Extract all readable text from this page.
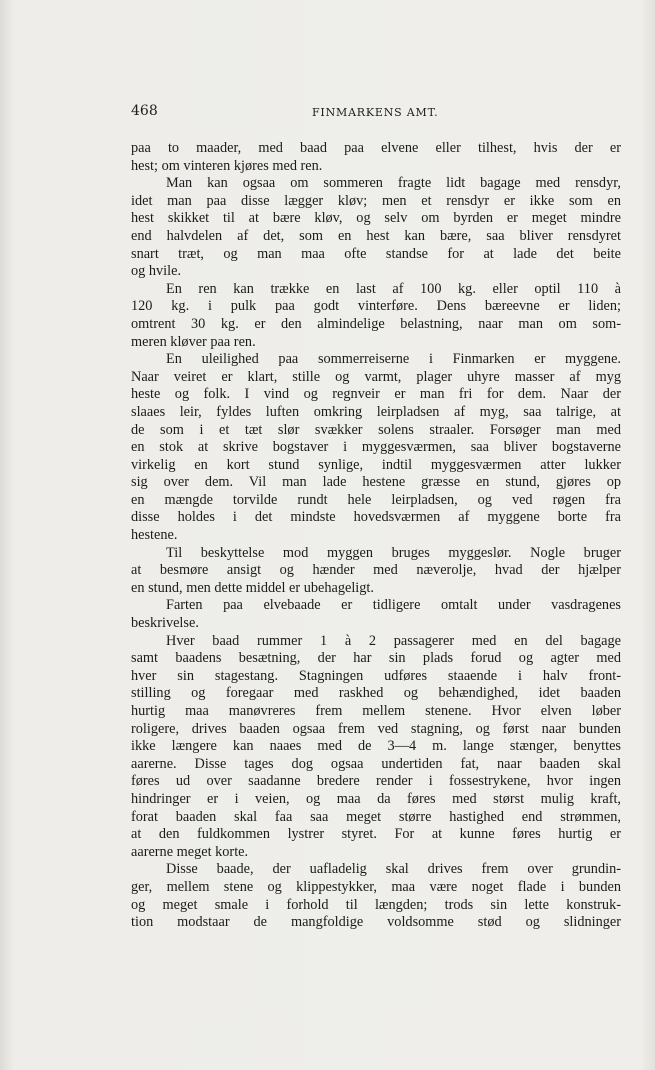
468	FINMARKENS AMT.
paa to maader, med baad paa elvene eller tilhest, hvis der er
hest; om vinteren kjøres med ren.
Man kan ogsaa om sommeren fragte lidt bagage med rensdyr,
idet man paa disse lægger kløv; men et rensdyr er ikke som en
hest skikket til at bære kløv, og selv om byrden er meget mindre
end halvdelen af det, som en hest kan bære, saa bliver rensdyret
snart træt, og man maa ofte standse for at lade det beite
og hvile.
En ren kan trække en last af 100 kg. eller optil 110 à
120 kg. i pulk paa godt vinterføre. Dens bæreevne er liden;
omtrent 30 kg. er den almindelige belastning, naar man om som-
meren kløver paa ren.
En uleilighed paa sommerreiserne i Finmarken er myggene.
Naar veiret er klart, stille og varmt, plager uhyre masser af myg
heste og folk. I vind og regnveir er man fri for dem. Naar der
slaaes leir, fyldes luften omkring leirpladsen af myg, saa talrige, at
de som i et tæt slør svækker solens straaler. Forsøger man med
en stok at skrive bogstaver i myggesværmen, saa bliver bogstaverne
virkelig en kort stund synlige, indtil myggesværmen atter lukker
sig over dem. Vil man lade hestene græsse en stund, gjøres op
en mængde torvilde rundt hele leirpladsen, og ved røgen fra
disse holdes i det mindste hovedsværmen af myggene borte fra
hestene.
Til beskyttelse mod myggen bruges myggeslør. Nogle bruger
at besmøre ansigt og hænder med næverolje, hvad der hjælper
en stund, men dette middel er ubehageligt.
Farten paa elvebaade er tidligere omtalt under vasdragenes
beskrivelse.
Hver baad rummer 1 à 2 passagerer med en del bagage
samt baadens besætning, der har sin plads forud og agter med
hver sin stagestang. Stagningen udføres staaende i halv front-
stilling og foregaar med raskhed og behændighed, idet baaden
hurtig maa manøvreres frem mellem stenene. Hvor elven løber
roligere, drives baaden ogsaa frem ved stagning, og først naar bunden
ikke længere kan naaes med de 3—4 m. lange stænger, benyttes
aarerne. Disse tages dog ogsaa undertiden fat, naar baaden skal
føres ud over saadanne bredere render i fossestrykene, hvor ingen
hindringer er i veien, og maa da føres med størst mulig kraft,
forat baaden skal faa saa meget større hastighed end strømmen,
at den fuldkommen lystrer styret. For at kunne føres hurtig er
aarerne meget korte.
Disse baade, der uafladelig skal drives frem over grundin-
ger, mellem stene og klippestykker, maa være noget flade i bunden
og meget smale i forhold til længden; trods sin lette konstruk-
tion modstaar de mangfoldige voldsomme stød og slidninger
